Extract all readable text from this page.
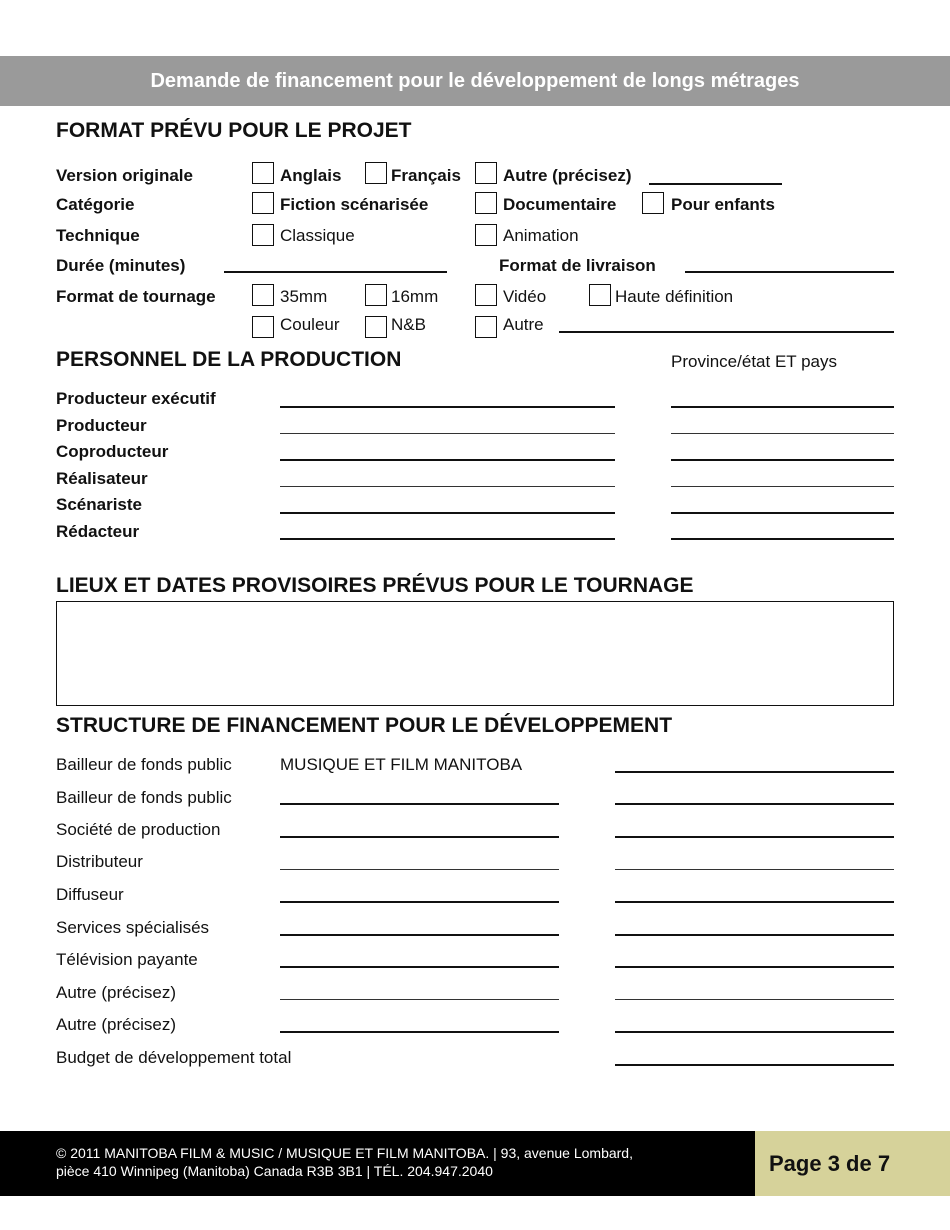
Demande de financement pour le développement de longs métrages
FORMAT PRÉVU POUR LE PROJET
Version originale	Anglais	Français Autre (précisez)
Catégorie	Fiction scénarisée	Documentaire	Pour enfants
Technique	Classique	Animation
Durée (minutes)	Format de livraison
Format de tournage	35mm	16mm	Vidéo	Haute définition
Couleur	N&B	Autre
PERSONNEL DE LA PRODUCTION	Province/état ET pays
Producteur exécutif
Producteur
Coproducteur
Réalisateur
Scénariste
Rédacteur
LIEUX ET DATES PROVISOIRES PRÉVUS POUR LE TOURNAGE
STRUCTURE DE FINANCEMENT POUR LE DÉVELOPPEMENT
Bailleur de fonds public	MUSIQUE ET FILM MANITOBA
Bailleur de fonds public
Société de production
Distributeur
Diffuseur
Services spécialisés
Télévision payante
Autre (précisez)
Autre (précisez)
Budget de développement total
© 2011 MANITOBA FILM & MUSIC / MUSIQUE ET FILM MANITOBA. | 93, avenue Lombard,
pièce 410 Winnipeg (Manitoba) Canada R3B 3B1 | TÉL. 204.947.2040	Page 3 de 7
